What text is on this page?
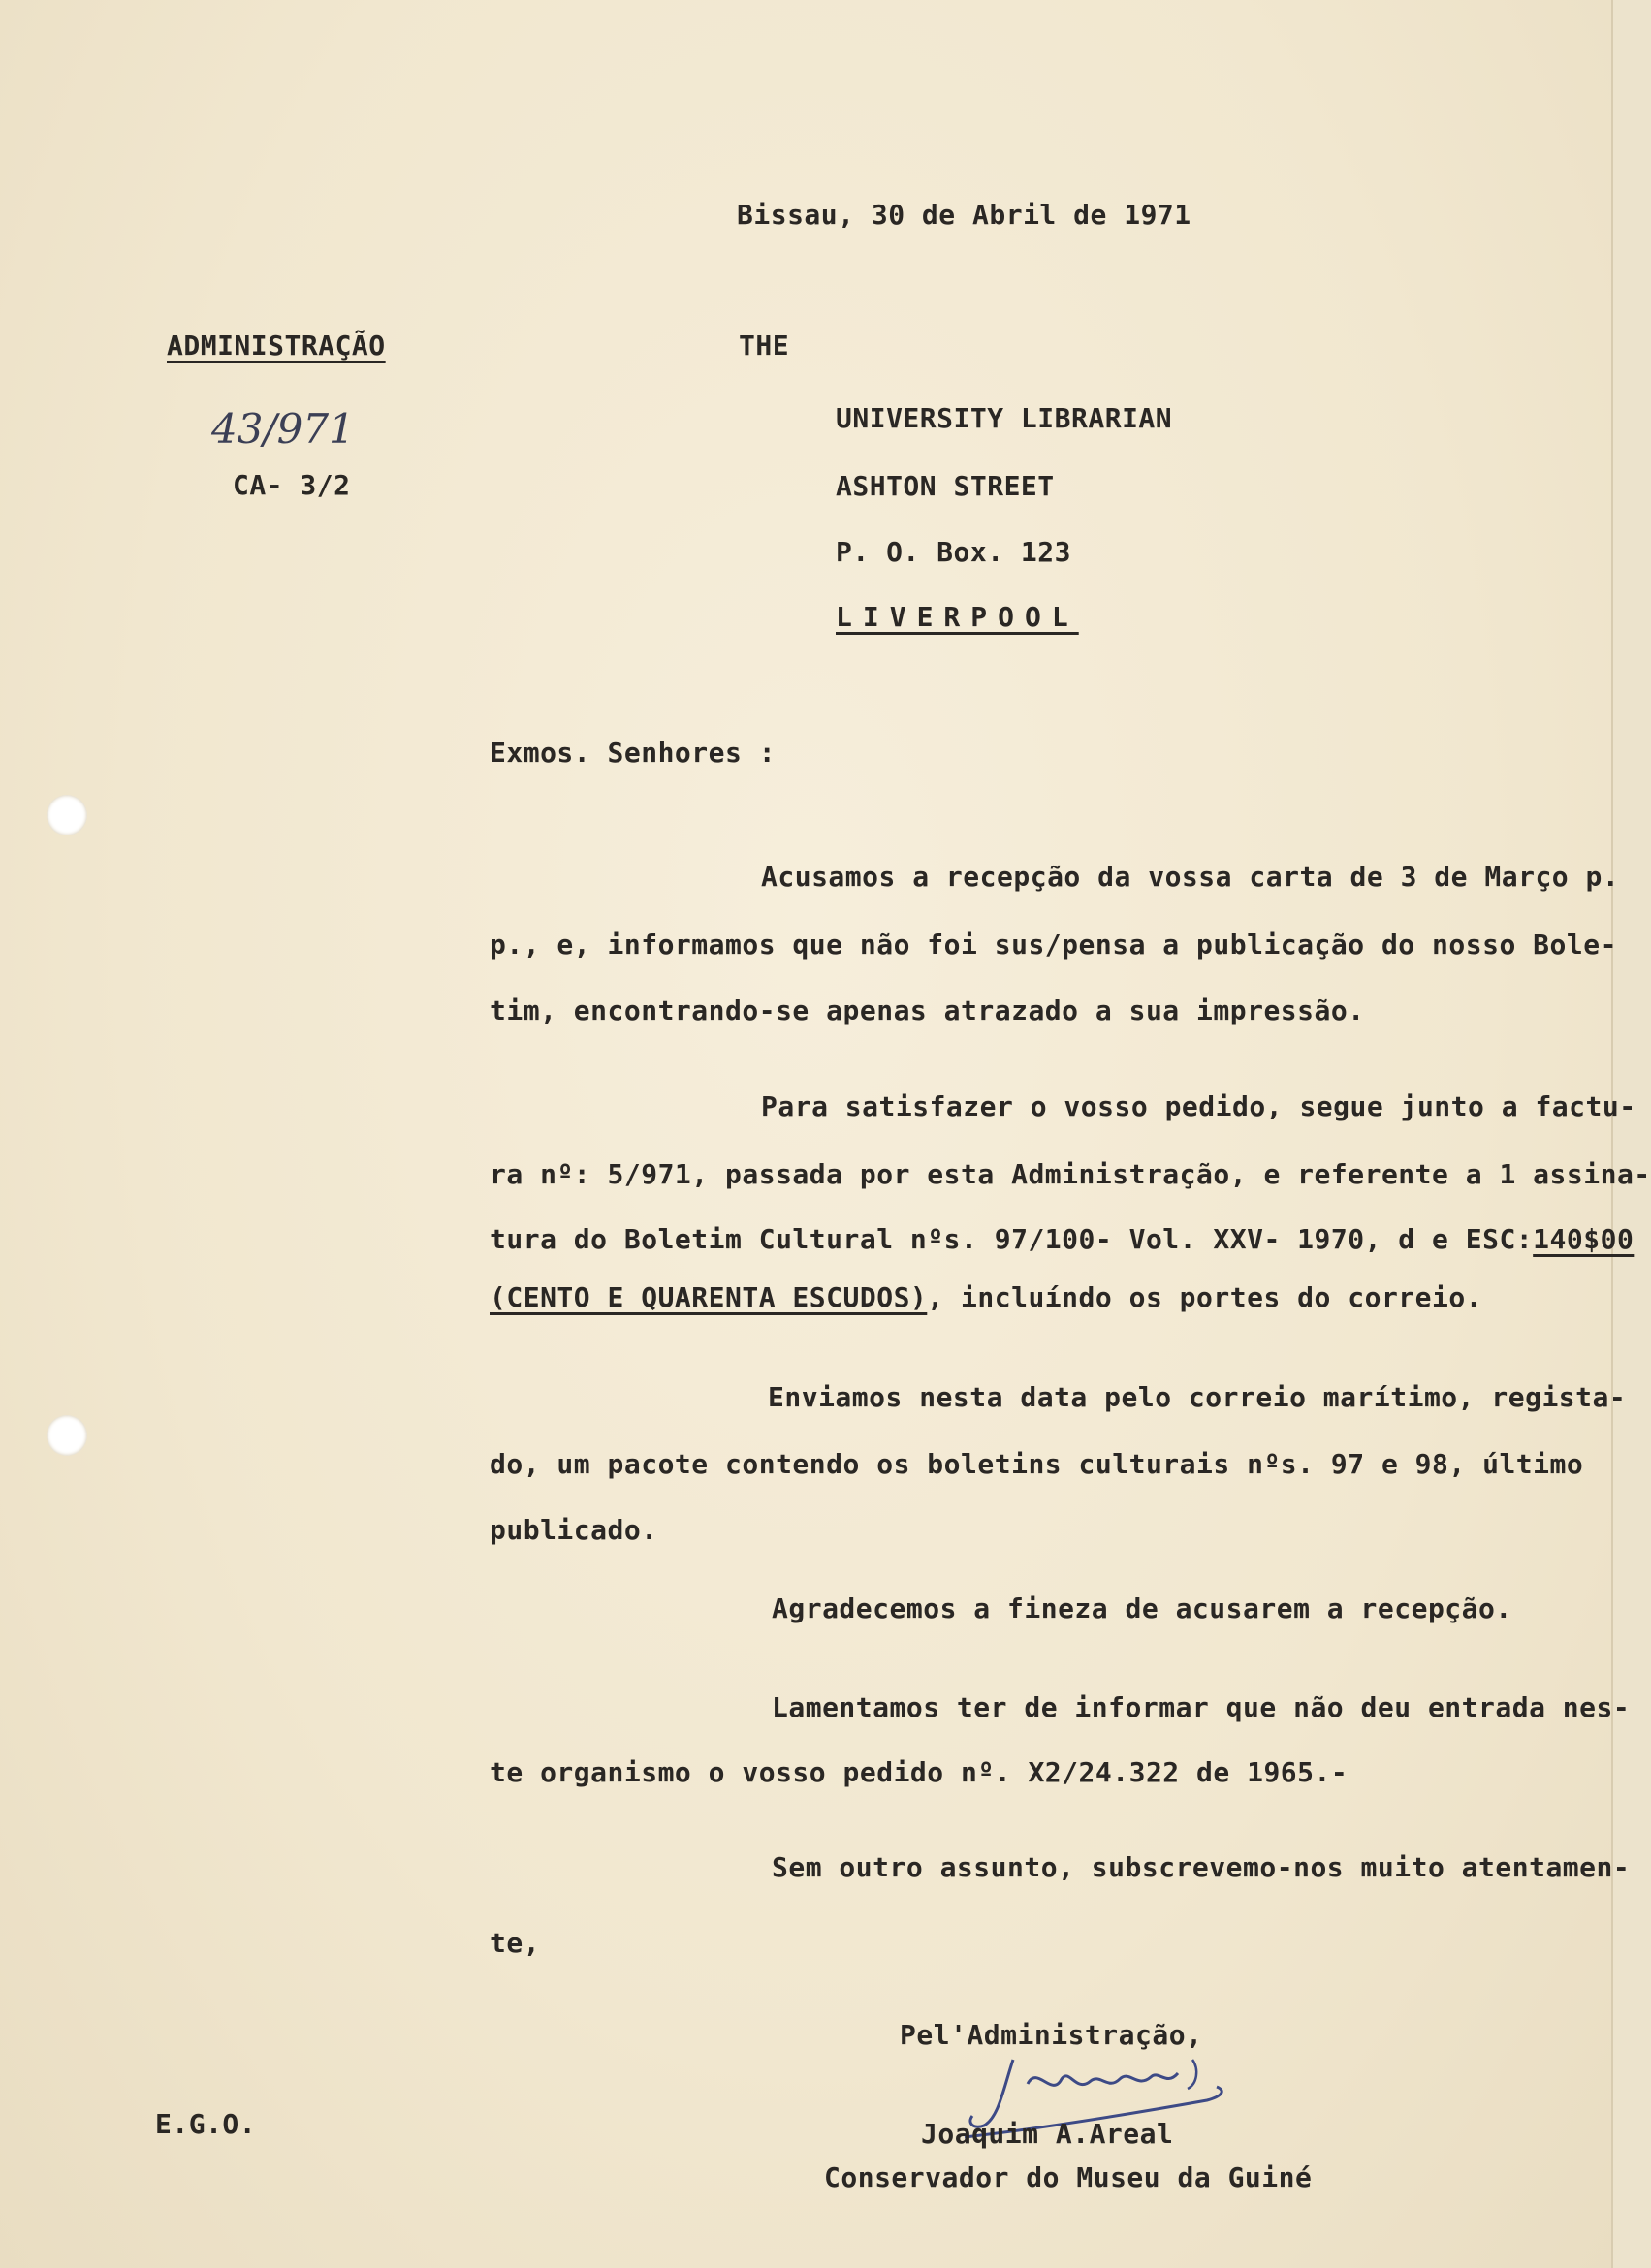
Bissau, 30 de Abril de 1971

ADMINISTRAÇÃO

43/971

CA- 3/2

THE

UNIVERSITY LIBRARIAN

ASHTON STREET

P. O. Box. 123

LIVERPOOL

Exmos. Senhores :

Acusamos a recepção da vossa carta de 3 de Março p.

p., e, informamos que não foi sus/pensa a publicação do nosso Bole-

tim, encontrando-se apenas atrazado a sua impressão.

Para satisfazer o vosso pedido, segue junto a factu-

ra nº: 5/971, passada por esta Administração, e referente a 1 assina-

tura do Boletim Cultural nºs. 97/100- Vol. XXV- 1970, d e ESC:140$00

(CENTO E QUARENTA ESCUDOS), incluíndo os portes do correio.

Enviamos nesta data pelo correio marítimo, regista-

do, um pacote contendo os boletins culturais nºs. 97 e 98, último

publicado.

Agradecemos a fineza de acusarem a recepção.

Lamentamos ter de informar que não deu entrada nes-

te organismo o vosso pedido nº. X2/24.322 de 1965.-

Sem outro assunto, subscrevemo-nos muito atentamen-

te,

Pel'Administração,

Joaquim A.Areal

Conservador do Museu da Guiné

E.G.O.
